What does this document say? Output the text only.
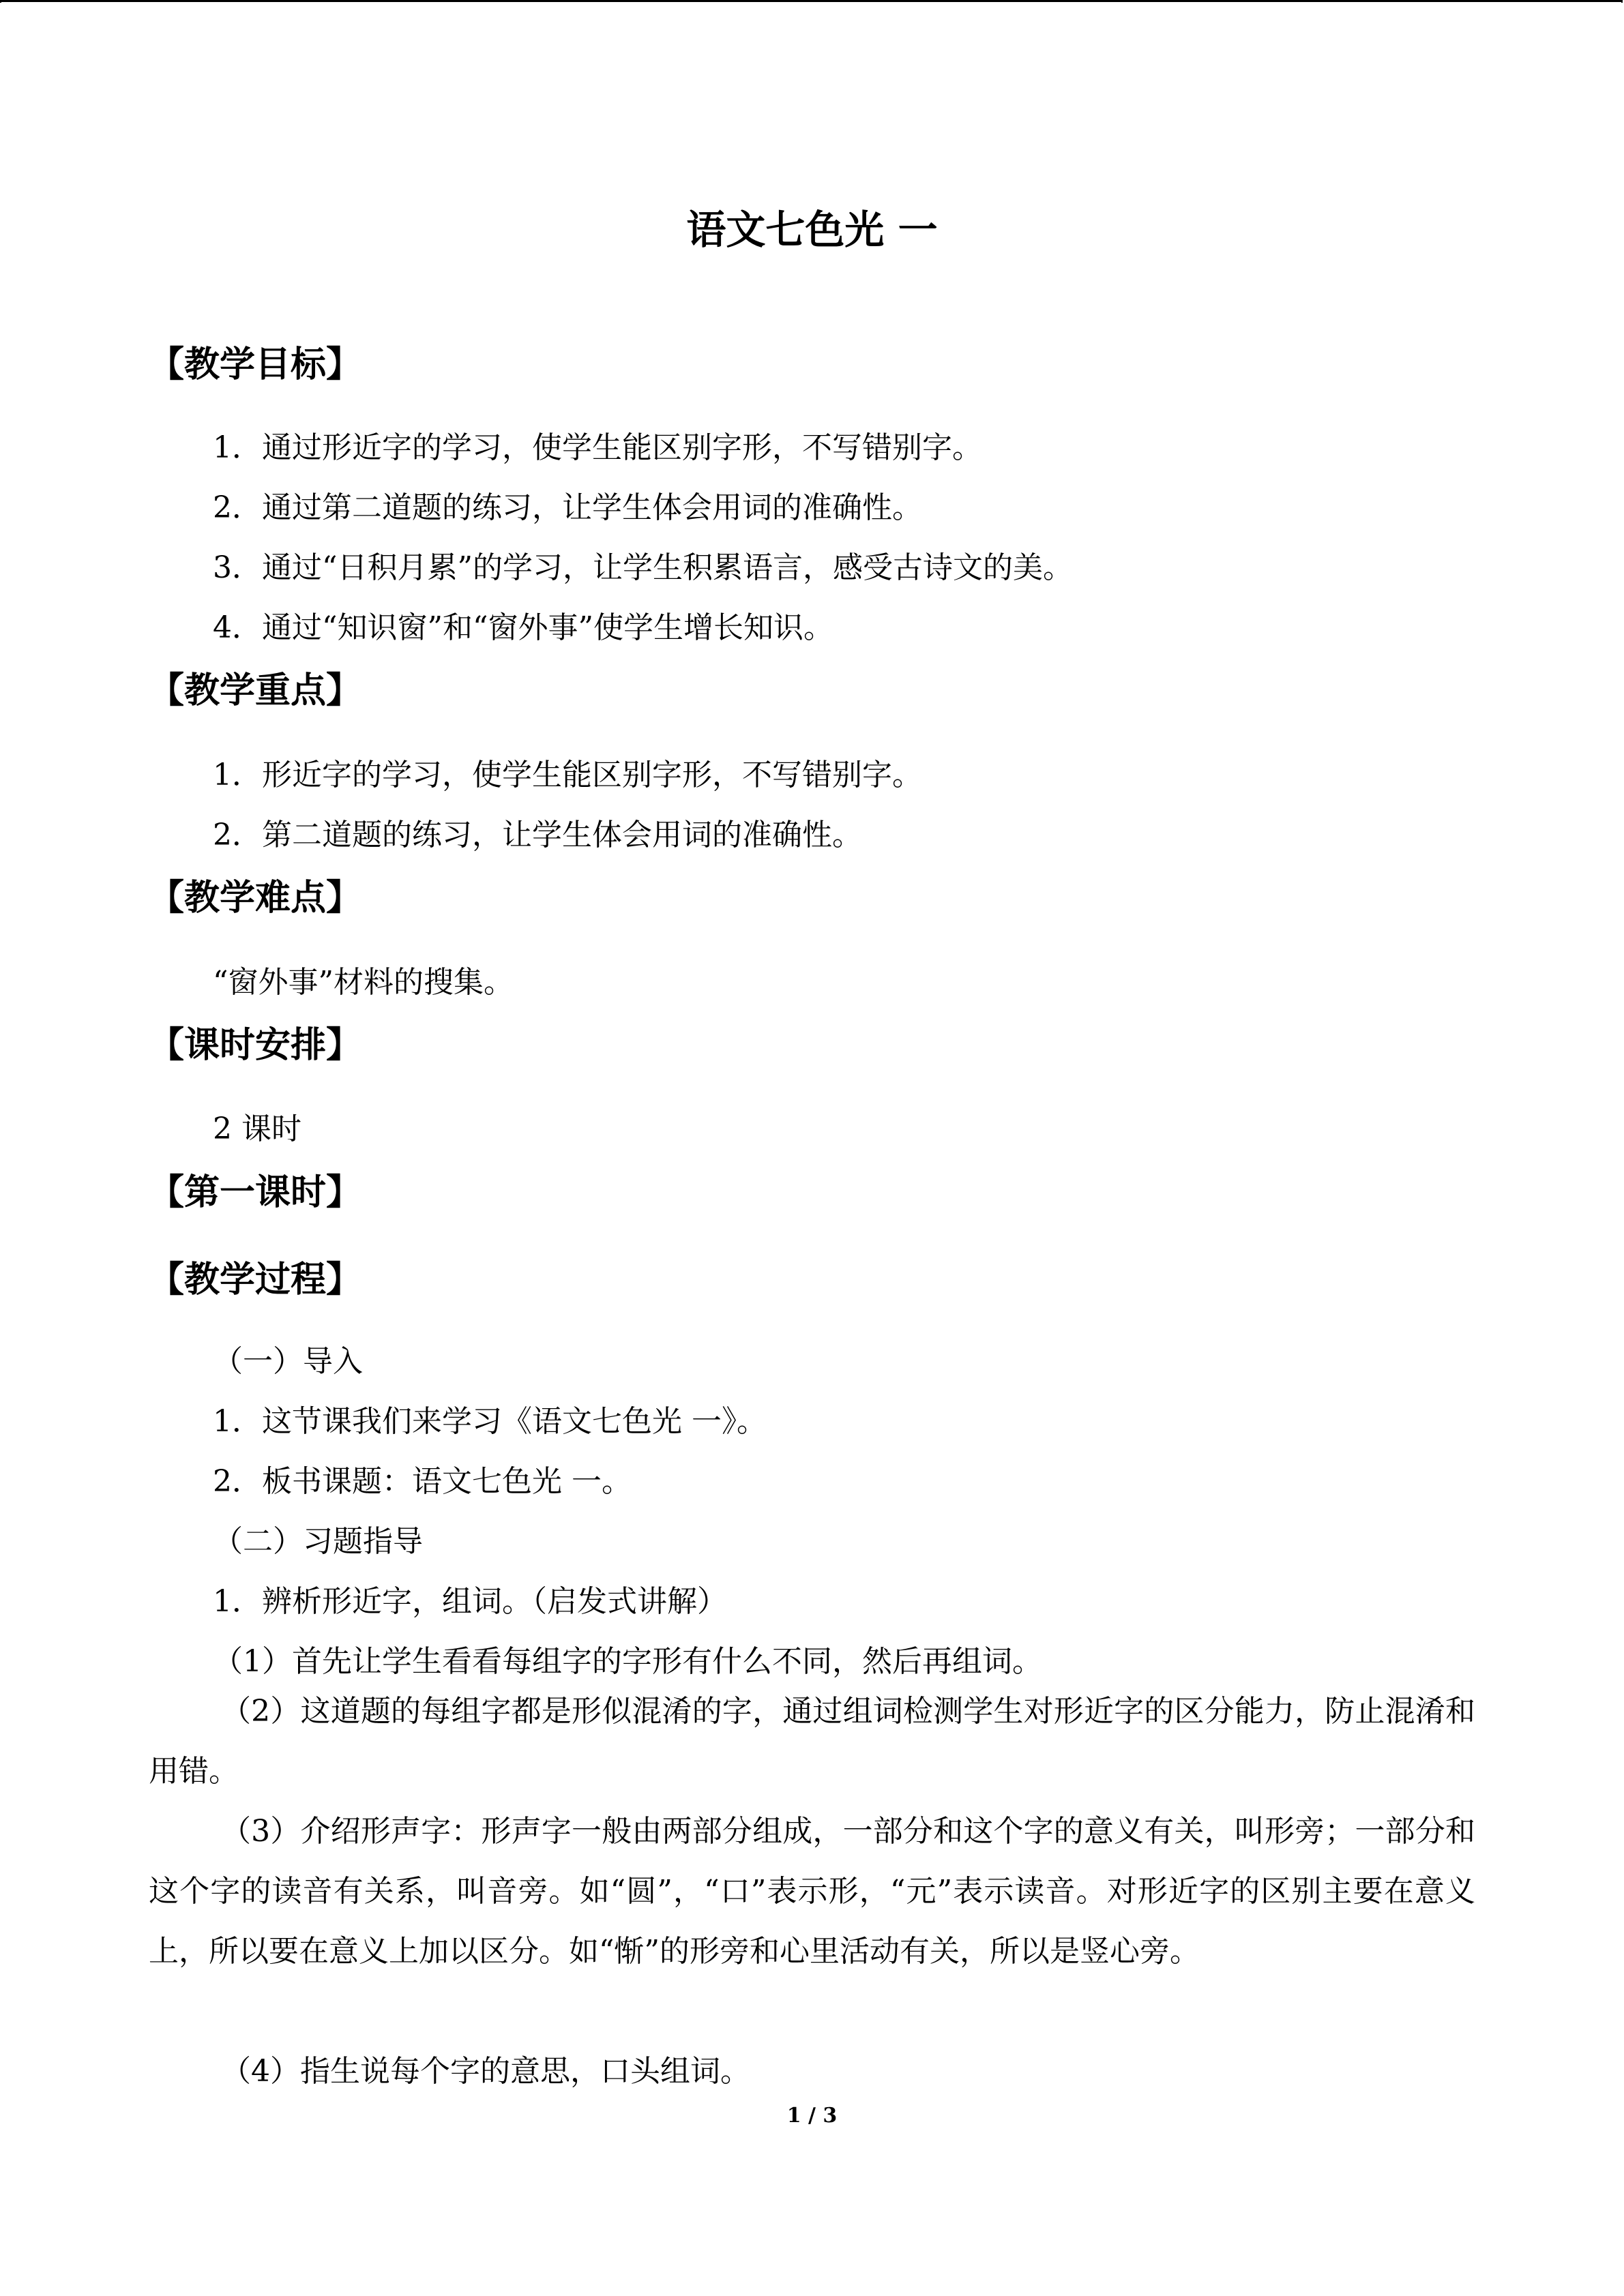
语文七色光 一
【教学目标】
1．通过形近字的学习，使学生能区别字形，不写错别字。
2．通过第二道题的练习，让学生体会用词的准确性。
3．通过“日积月累”的学习，让学生积累语言，感受古诗文的美。
4．通过“知识窗”和“窗外事”使学生增长知识。
【教学重点】
1．形近字的学习，使学生能区别字形，不写错别字。
2．第二道题的练习，让学生体会用词的准确性。
【教学难点】
“窗外事”材料的搜集。
【课时安排】
2 课时
【第一课时】
【教学过程】
（一）导入
1．这节课我们来学习《语文七色光 一》。
2．板书课题：语文七色光 一。
（二）习题指导
1．辨析形近字，组词。（启发式讲解）
（1）首先让学生看看每组字的字形有什么不同，然后再组词。
（2）这道题的每组字都是形似混淆的字，通过组词检测学生对形近字的区分能力，防止混淆和用错。
（3）介绍形声字：形声字一般由两部分组成，一部分和这个字的意义有关，叫形旁；一部分和这个字的读音有关系，叫音旁。如“圆”，“口”表示形，“元”表示读音。对形近字的区别主要在意义上，所以要在意义上加以区分。如“惭”的形旁和心里活动有关，所以是竖心旁。
（4）指生说每个字的意思，口头组词。
1 / 3
